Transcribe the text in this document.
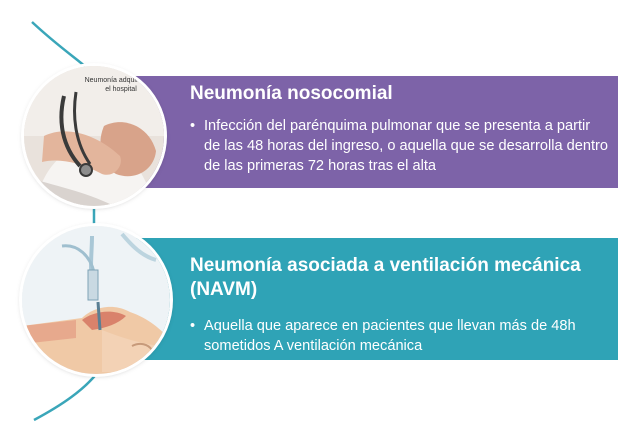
Neumonía nosocomial
• Infección del parénquima pulmonar que se presenta a partir de las 48 horas del ingreso, o aquella que se desarrolla dentro de las primeras 72 horas tras el alta
Neumonía asociada a ventilación mecánica (NAVM)
• Aquella que aparece en pacientes que llevan más de 48h sometidos A ventilación mecánica
Neumonía adquirida en el hospital
